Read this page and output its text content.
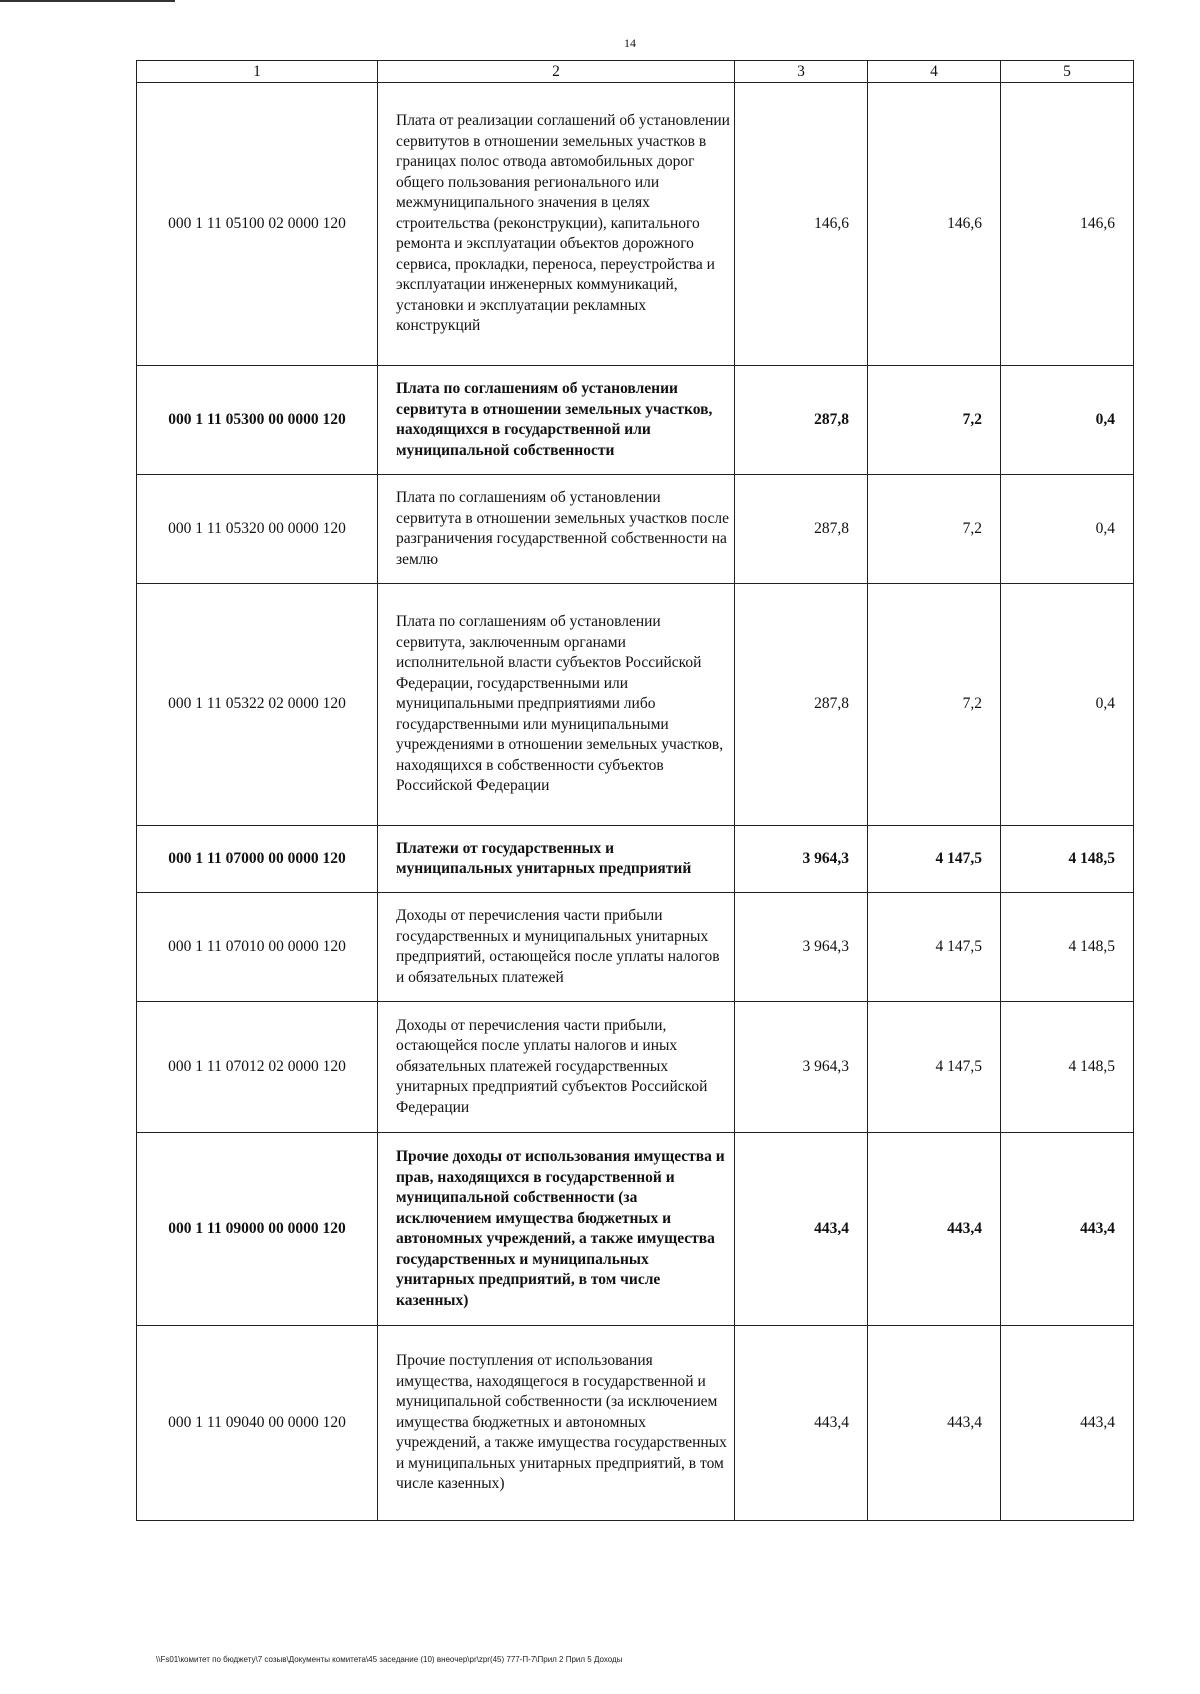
14
1	2	3	4	5
000 1 11 05100 02 0000 120	Плата от реализации соглашений об установлении сервитутов в отношении земельных участков в границах полос отвода автомобильных дорог общего пользования регионального или межмуниципального значения в целях строительства (реконструкции), капитального ремонта и эксплуатации объектов дорожного сервиса, прокладки, переноса, переустройства и эксплуатации инженерных коммуникаций, установки и эксплуатации рекламных конструкций	146,6	146,6	146,6
000 1 11 05300 00 0000 120	Плата по соглашениям об установлении сервитута в отношении земельных участков, находящихся в государственной или муниципальной собственности	287,8	7,2	0,4
000 1 11 05320 00 0000 120	Плата по соглашениям об установлении сервитута в отношении земельных участков после разграничения государственной собственности на землю	287,8	7,2	0,4
000 1 11 05322 02 0000 120	Плата по соглашениям об установлении сервитута, заключенным органами исполнительной власти субъектов Российской Федерации, государственными или муниципальными предприятиями либо государственными или муниципальными учреждениями в отношении земельных участков, находящихся в собственности субъектов Российской Федерации	287,8	7,2	0,4
000 1 11 07000 00 0000 120	Платежи от государственных и муниципальных унитарных предприятий	3 964,3	4 147,5	4 148,5
000 1 11 07010 00 0000 120	Доходы от перечисления части прибыли государственных и муниципальных унитарных предприятий, остающейся после уплаты налогов и обязательных платежей	3 964,3	4 147,5	4 148,5
000 1 11 07012 02 0000 120	Доходы от перечисления части прибыли, остающейся после уплаты налогов и иных обязательных платежей государственных унитарных предприятий субъектов Российской Федерации	3 964,3	4 147,5	4 148,5
000 1 11 09000 00 0000 120	Прочие доходы от использования имущества и прав, находящихся в государственной и муниципальной собственности (за исключением имущества бюджетных и автономных учреждений, а также имущества государственных и муниципальных унитарных предприятий, в том числе казенных)	443,4	443,4	443,4
000 1 11 09040 00 0000 120	Прочие поступления от использования имущества, находящегося в государственной и муниципальной собственности (за исключением имущества бюджетных и автономных учреждений, а также имущества государственных и муниципальных унитарных предприятий, в том числе казенных)	443,4	443,4	443,4
\\Fs01\комитет по бюджету\7 созыв\Документы комитета\45 заседание (10) внеочер\pr\zpr(45) 777-П-7\Прил 2 Прил 5 Доходы
